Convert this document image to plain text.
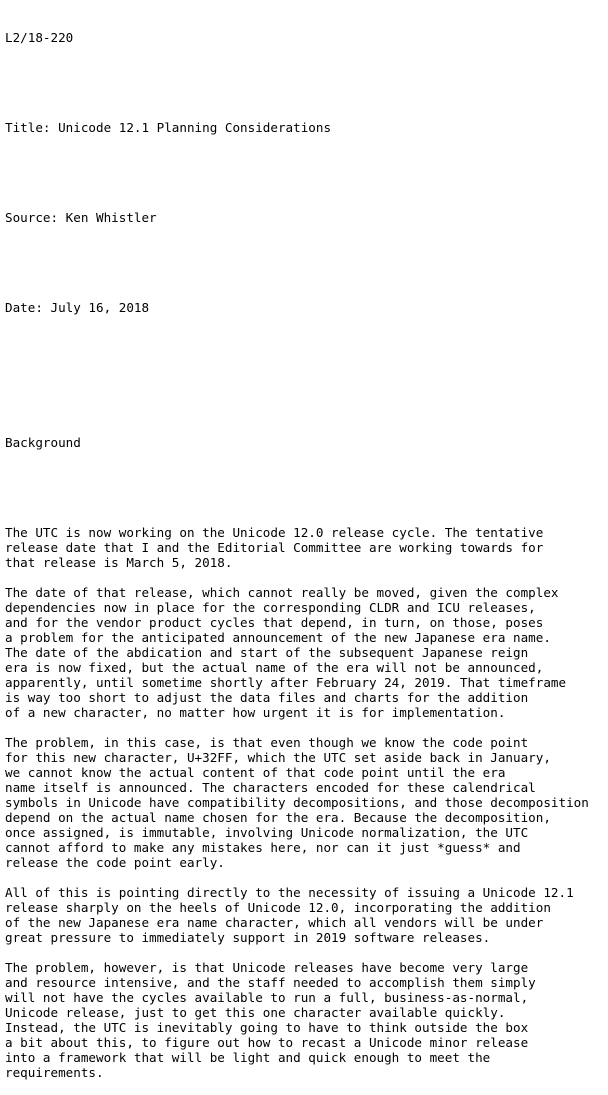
L2/18-220

Title: Unicode 12.1 Planning Considerations

Source: Ken Whistler

Date: July 16, 2018

Background

The UTC is now working on the Unicode 12.0 release cycle. The tentative
release date that I and the Editorial Committee are working towards for
that release is March 5, 2018.
The date of that release, which cannot really be moved, given the complex
dependencies now in place for the corresponding CLDR and ICU releases,
and for the vendor product cycles that depend, in turn, on those, poses
a problem for the anticipated announcement of the new Japanese era name.
The date of the abdication and start of the subsequent Japanese reign
era is now fixed, but the actual name of the era will not be announced,
apparently, until sometime shortly after February 24, 2019. That timeframe
is way too short to adjust the data files and charts for the addition
of a new character, no matter how urgent it is for implementation.
The problem, in this case, is that even though we know the code point
for this new character, U+32FF, which the UTC set aside back in January,
we cannot know the actual content of that code point until the era
name itself is announced. The characters encoded for these calendrical
symbols in Unicode have compatibility decompositions, and those decomposition
depend on the actual name chosen for the era. Because the decomposition,
once assigned, is immutable, involving Unicode normalization, the UTC
cannot afford to make any mistakes here, nor can it just *guess* and
release the code point early.
All of this is pointing directly to the necessity of issuing a Unicode 12.1
release sharply on the heels of Unicode 12.0, incorporating the addition
of the new Japanese era name character, which all vendors will be under
great pressure to immediately support in 2019 software releases.
The problem, however, is that Unicode releases have become very large
and resource intensive, and the staff needed to accomplish them simply
will not have the cycles available to run a full, business-as-normal,
Unicode release, just to get this one character available quickly.
Instead, the UTC is inevitably going to have to think outside the box
a bit about this, to figure out how to recast a Unicode minor release
into a framework that will be light and quick enough to meet the
requirements.
